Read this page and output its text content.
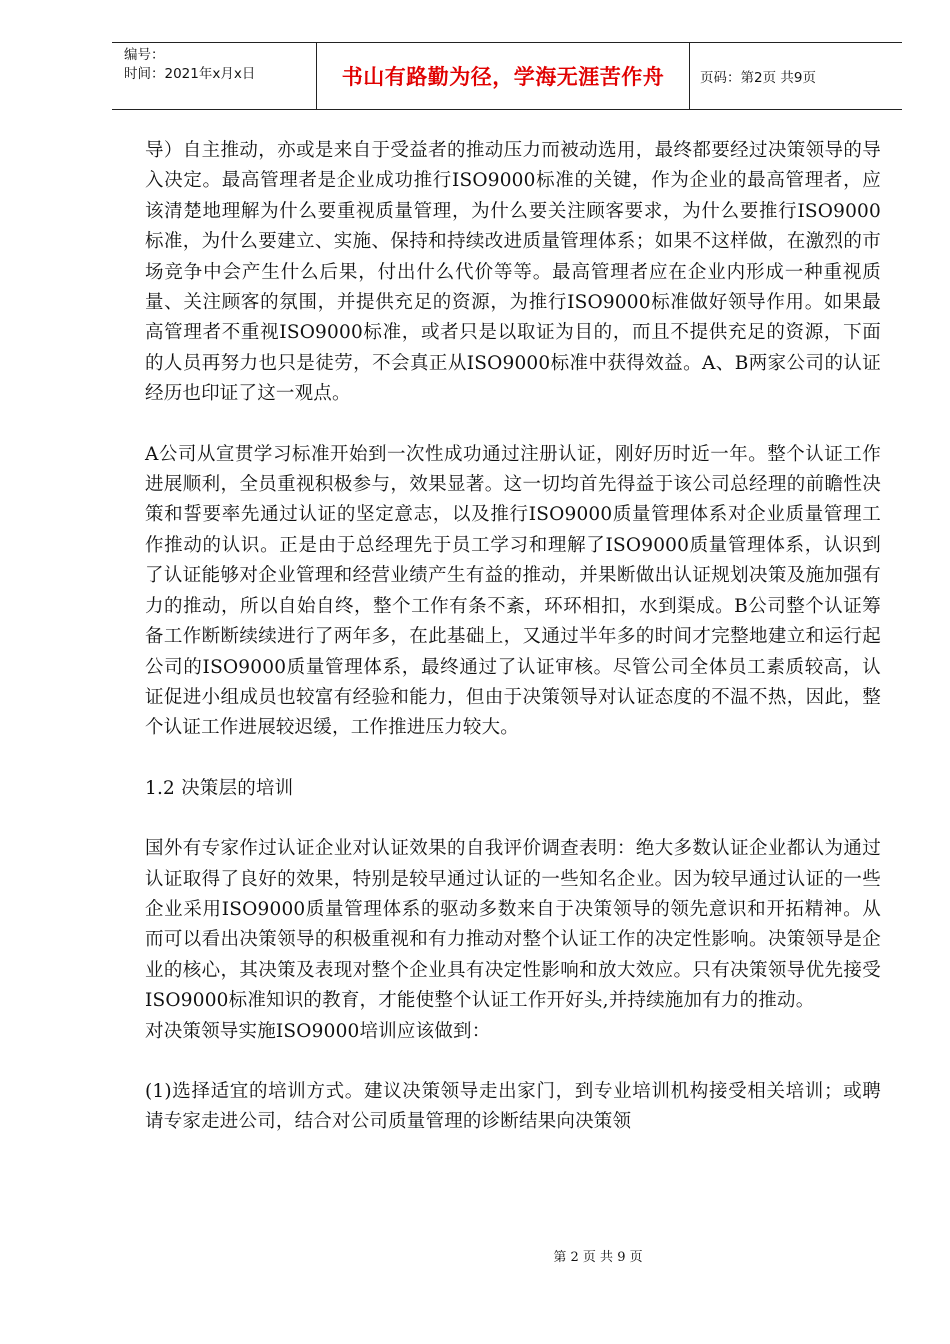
编号：
时间：2021年x月x日	书山有路勤为径，学海无涯苦作舟	页码：第2页 共9页

导）自主推动，亦或是来自于受益者的推动压力而被动选用，最终都要经过决策领导的导入决定。最高管理者是企业成功推行ISO9000标准的关键，作为企业的最高管理者，应该清楚地理解为什么要重视质量管理，为什么要关注顾客要求，为什么要推行ISO9000标准，为什么要建立、实施、保持和持续改进质量管理体系；如果不这样做，在激烈的市场竞争中会产生什么后果，付出什么代价等等。最高管理者应在企业内形成一种重视质量、关注顾客的氛围，并提供充足的资源，为推行ISO9000标准做好领导作用。如果最高管理者不重视ISO9000标准，或者只是以取证为目的，而且不提供充足的资源，下面的人员再努力也只是徒劳，不会真正从ISO9000标准中获得效益。A、B两家公司的认证经历也印证了这一观点。

A公司从宣贯学习标准开始到一次性成功通过注册认证，刚好历时近一年。整个认证工作进展顺利，全员重视积极参与，效果显著。这一切均首先得益于该公司总经理的前瞻性决策和誓要率先通过认证的坚定意志，以及推行ISO9000质量管理体系对企业质量管理工作推动的认识。正是由于总经理先于员工学习和理解了ISO9000质量管理体系，认识到了认证能够对企业管理和经营业绩产生有益的推动，并果断做出认证规划决策及施加强有力的推动，所以自始自终，整个工作有条不紊，环环相扣，水到渠成。B公司整个认证筹备工作断断续续进行了两年多，在此基础上，又通过半年多的时间才完整地建立和运行起公司的ISO9000质量管理体系，最终通过了认证审核。尽管公司全体员工素质较高，认证促进小组成员也较富有经验和能力，但由于决策领导对认证态度的不温不热，因此，整个认证工作进展较迟缓，工作推进压力较大。

1.2 决策层的培训

国外有专家作过认证企业对认证效果的自我评价调查表明：绝大多数认证企业都认为通过认证取得了良好的效果，特别是较早通过认证的一些知名企业。因为较早通过认证的一些企业采用ISO9000质量管理体系的驱动多数来自于决策领导的领先意识和开拓精神。从而可以看出决策领导的积极重视和有力推动对整个认证工作的决定性影响。决策领导是企业的核心，其决策及表现对整个企业具有决定性影响和放大效应。只有决策领导优先接受ISO9000标准知识的教育，才能使整个认证工作开好头,并持续施加有力的推动。

对决策领导实施ISO9000培训应该做到：

(1)选择适宜的培训方式。建议决策领导走出家门，到专业培训机构接受相关培训；或聘请专家走进公司，结合对公司质量管理的诊断结果向决策领

第 2 页 共 9 页
